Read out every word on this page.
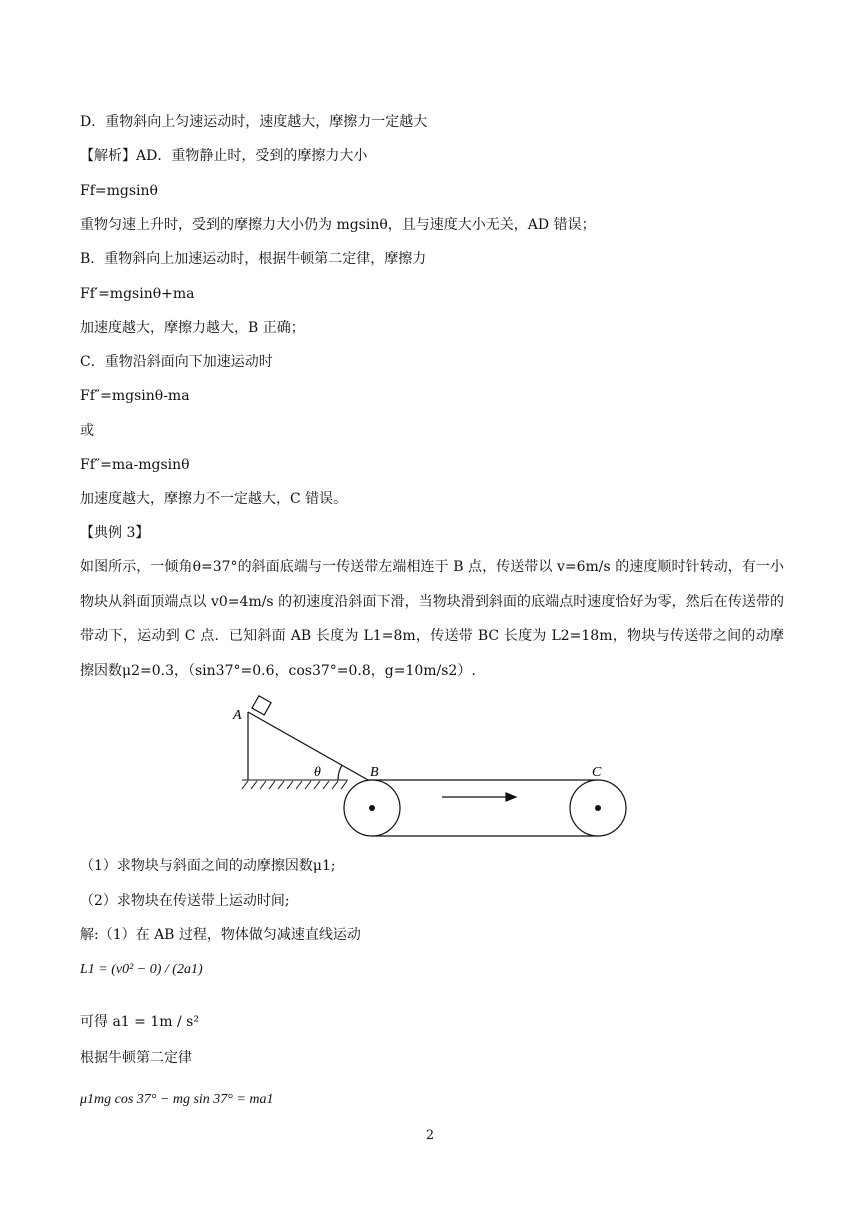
D．重物斜向上匀速运动时，速度越大，摩擦力一定越大
【解析】AD．重物静止时，受到的摩擦力大小
Ff=mgsinθ
重物匀速上升时，受到的摩擦力大小仍为 mgsinθ，且与速度大小无关，AD 错误；
B．重物斜向上加速运动时，根据牛顿第二定律，摩擦力
Ff′=mgsinθ+ma
加速度越大，摩擦力越大，B 正确；
C．重物沿斜面向下加速运动时
Ff″=mgsinθ-ma
或
Ff″=ma-mgsinθ
加速度越大，摩擦力不一定越大，C 错误。
【典例 3】
如图所示，一倾角θ=37°的斜面底端与一传送带左端相连于 B 点，传送带以 v=6m/s 的速度顺时针转动，有一小物块从斜面顶端点以 v0=4m/s 的初速度沿斜面下滑，当物块滑到斜面的底端点时速度恰好为零，然后在传送带的带动下，运动到 C 点．已知斜面 AB 长度为 L1=8m，传送带 BC 长度为 L2=18m，物块与传送带之间的动摩擦因数μ2=0.3，（sin37°=0.6，cos37°=0.8，g=10m/s2）.
A
B	C
θ
（1）求物块与斜面之间的动摩擦因数μ1;
（2）求物块在传送带上运动时间;
解:（1）在 AB 过程，物体做匀减速直线运动
L1 = (v0² − 0) / (2a1)
可得 a1 = 1m / s²
根据牛顿第二定律
μ1mg cos 37° − mg sin 37° = ma1
2
